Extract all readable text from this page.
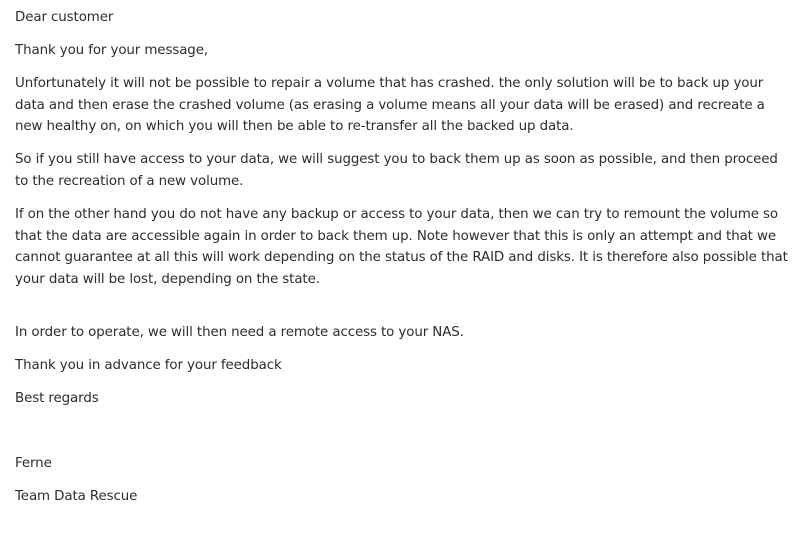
Dear customer

Thank you for your message,

Unfortunately it will not be possible to repair a volume that has crashed. the only solution will be to back up your data and then erase the crashed volume (as erasing a volume means all your data will be erased) and recreate a new healthy on, on which you will then be able to re-transfer all the backed up data.

So if you still have access to your data, we will suggest you to back them up as soon as possible, and then proceed to the recreation of a new volume.

If on the other hand you do not have any backup or access to your data, then we can try to remount the volume so that the data are accessible again in order to back them up. Note however that this is only an attempt and that we cannot guarantee at all this will work depending on the status of the RAID and disks. It is therefore also possible that your data will be lost, depending on the state.

In order to operate, we will then need a remote access to your NAS.

Thank you in advance for your feedback

Best regards

Ferne

Team Data Rescue
